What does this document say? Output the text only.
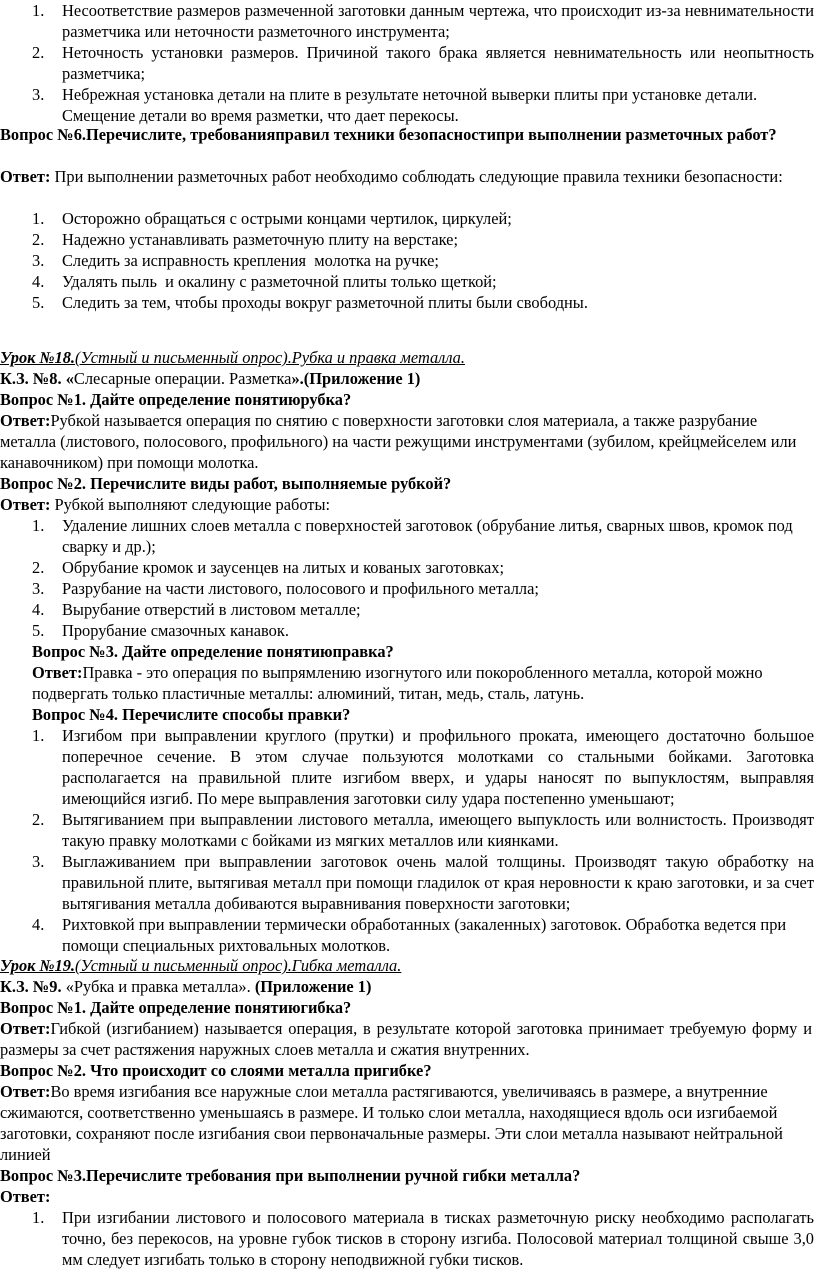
1. Несоответствие размеров размеченной заготовки данным чертежа, что происходит из-за невнимательности разметчика или неточности разметочного инструмента;
2. Неточность установки размеров. Причиной такого брака является невнимательность или неопытность разметчика;
3. Небрежная установка детали на плите в результате неточной выверки плиты при установке детали. Смещение детали во время разметки, что дает перекосы.
Вопрос №6.Перечислите, требованияправил техники безопасностипри выполнении разметочных работ?
Ответ: При выполнении разметочных работ необходимо соблюдать следующие правила техники безопасности:
1. Осторожно обращаться с острыми концами чертилок, циркулей;
2. Надежно устанавливать разметочную плиту на верстаке;
3. Следить за исправность крепления  молотка на ручке;
4. Удалять пыль  и окалину с разметочной плиты только щеткой;
5. Следить за тем, чтобы проходы вокруг разметочной плиты были свободны.
Урок №18.(Устный и письменный опрос).Рубка и правка металла.
К.З. №8. «Слесарные операции. Разметка».(Приложение 1)
Вопрос №1. Дайте определение понятиюрубка?
Ответ:Рубкой называется операция по снятию с поверхности заготовки слоя материала, а также разрубание металла (листового, полосового, профильного) на части режущими инструментами (зубилом, крейцмейселем или канавочником) при помощи молотка.
Вопрос №2. Перечислите виды работ, выполняемые рубкой?
Ответ: Рубкой выполняют следующие работы:
1. Удаление лишних слоев металла с поверхностей заготовок (обрубание литья, сварных швов, кромок под сварку и др.);
2. Обрубание кромок и заусенцев на литых и кованых заготовках;
3. Разрубание на части листового, полосового и профильного металла;
4. Вырубание отверстий в листовом металле;
5. Прорубание смазочных канавок.
Вопрос №3. Дайте определение понятиюправка?
Ответ:Правка - это операция по выпрямлению изогнутого или покоробленного металла, которой можно подвергать только пластичные металлы: алюминий, титан, медь, сталь, латунь.
Вопрос №4. Перечислите способы правки?
1. Изгибом при выправлении круглого (прутки) и профильного проката, имеющего достаточно большое поперечное сечение. В этом случае пользуются молотками со стальными бойками. Заготовка располагается на правильной плите изгибом вверх, и удары наносят по выпуклостям, выправляя имеющийся изгиб. По мере выправления заготовки силу удара постепенно уменьшают;
2. Вытягиванием при выправлении листового металла, имеющего выпуклость или волнистость. Производят такую правку молотками с бойками из мягких металлов или киянками.
3. Выглаживанием при выправлении заготовок очень малой толщины. Производят такую обработку на правильной плите, вытягивая металл при помощи гладилок от края неровности к краю заготовки, и за счет вытягивания металла добиваются выравнивания поверхности заготовки;
4. Рихтовкой при выправлении термически обработанных (закаленных) заготовок. Обработка ведется при помощи специальных рихтовальных молотков.
Урок №19.(Устный и письменный опрос).Гибка металла.
К.З. №9. «Рубка и правка металла». (Приложение 1)
Вопрос №1. Дайте определение понятиюгибка?
Ответ:Гибкой (изгибанием) называется операция, в результате которой заготовка принимает требуемую форму и размеры за счет растяжения наружных слоев металла и сжатия внутренних.
Вопрос №2. Что происходит со слоями металла пригибке?
Ответ:Во время изгибания все наружные слои металла растягиваются, увеличиваясь в размере, а внутренние сжимаются, соответственно уменьшаясь в размере. И только слои металла, находящиеся вдоль оси изгибаемой заготовки, сохраняют после изгибания свои первоначальные размеры. Эти слои металла называют нейтральной линией
Вопрос №3.Перечислите требования при выполнении ручной гибки металла?
Ответ:
1. При изгибании листового и полосового материала в тисках разметочную риску необходимо располагать точно, без перекосов, на уровне губок тисков в сторону изгиба. Полосовой материал толщиной свыше 3,0 мм следует изгибать только в сторону неподвижной губки тисков.
